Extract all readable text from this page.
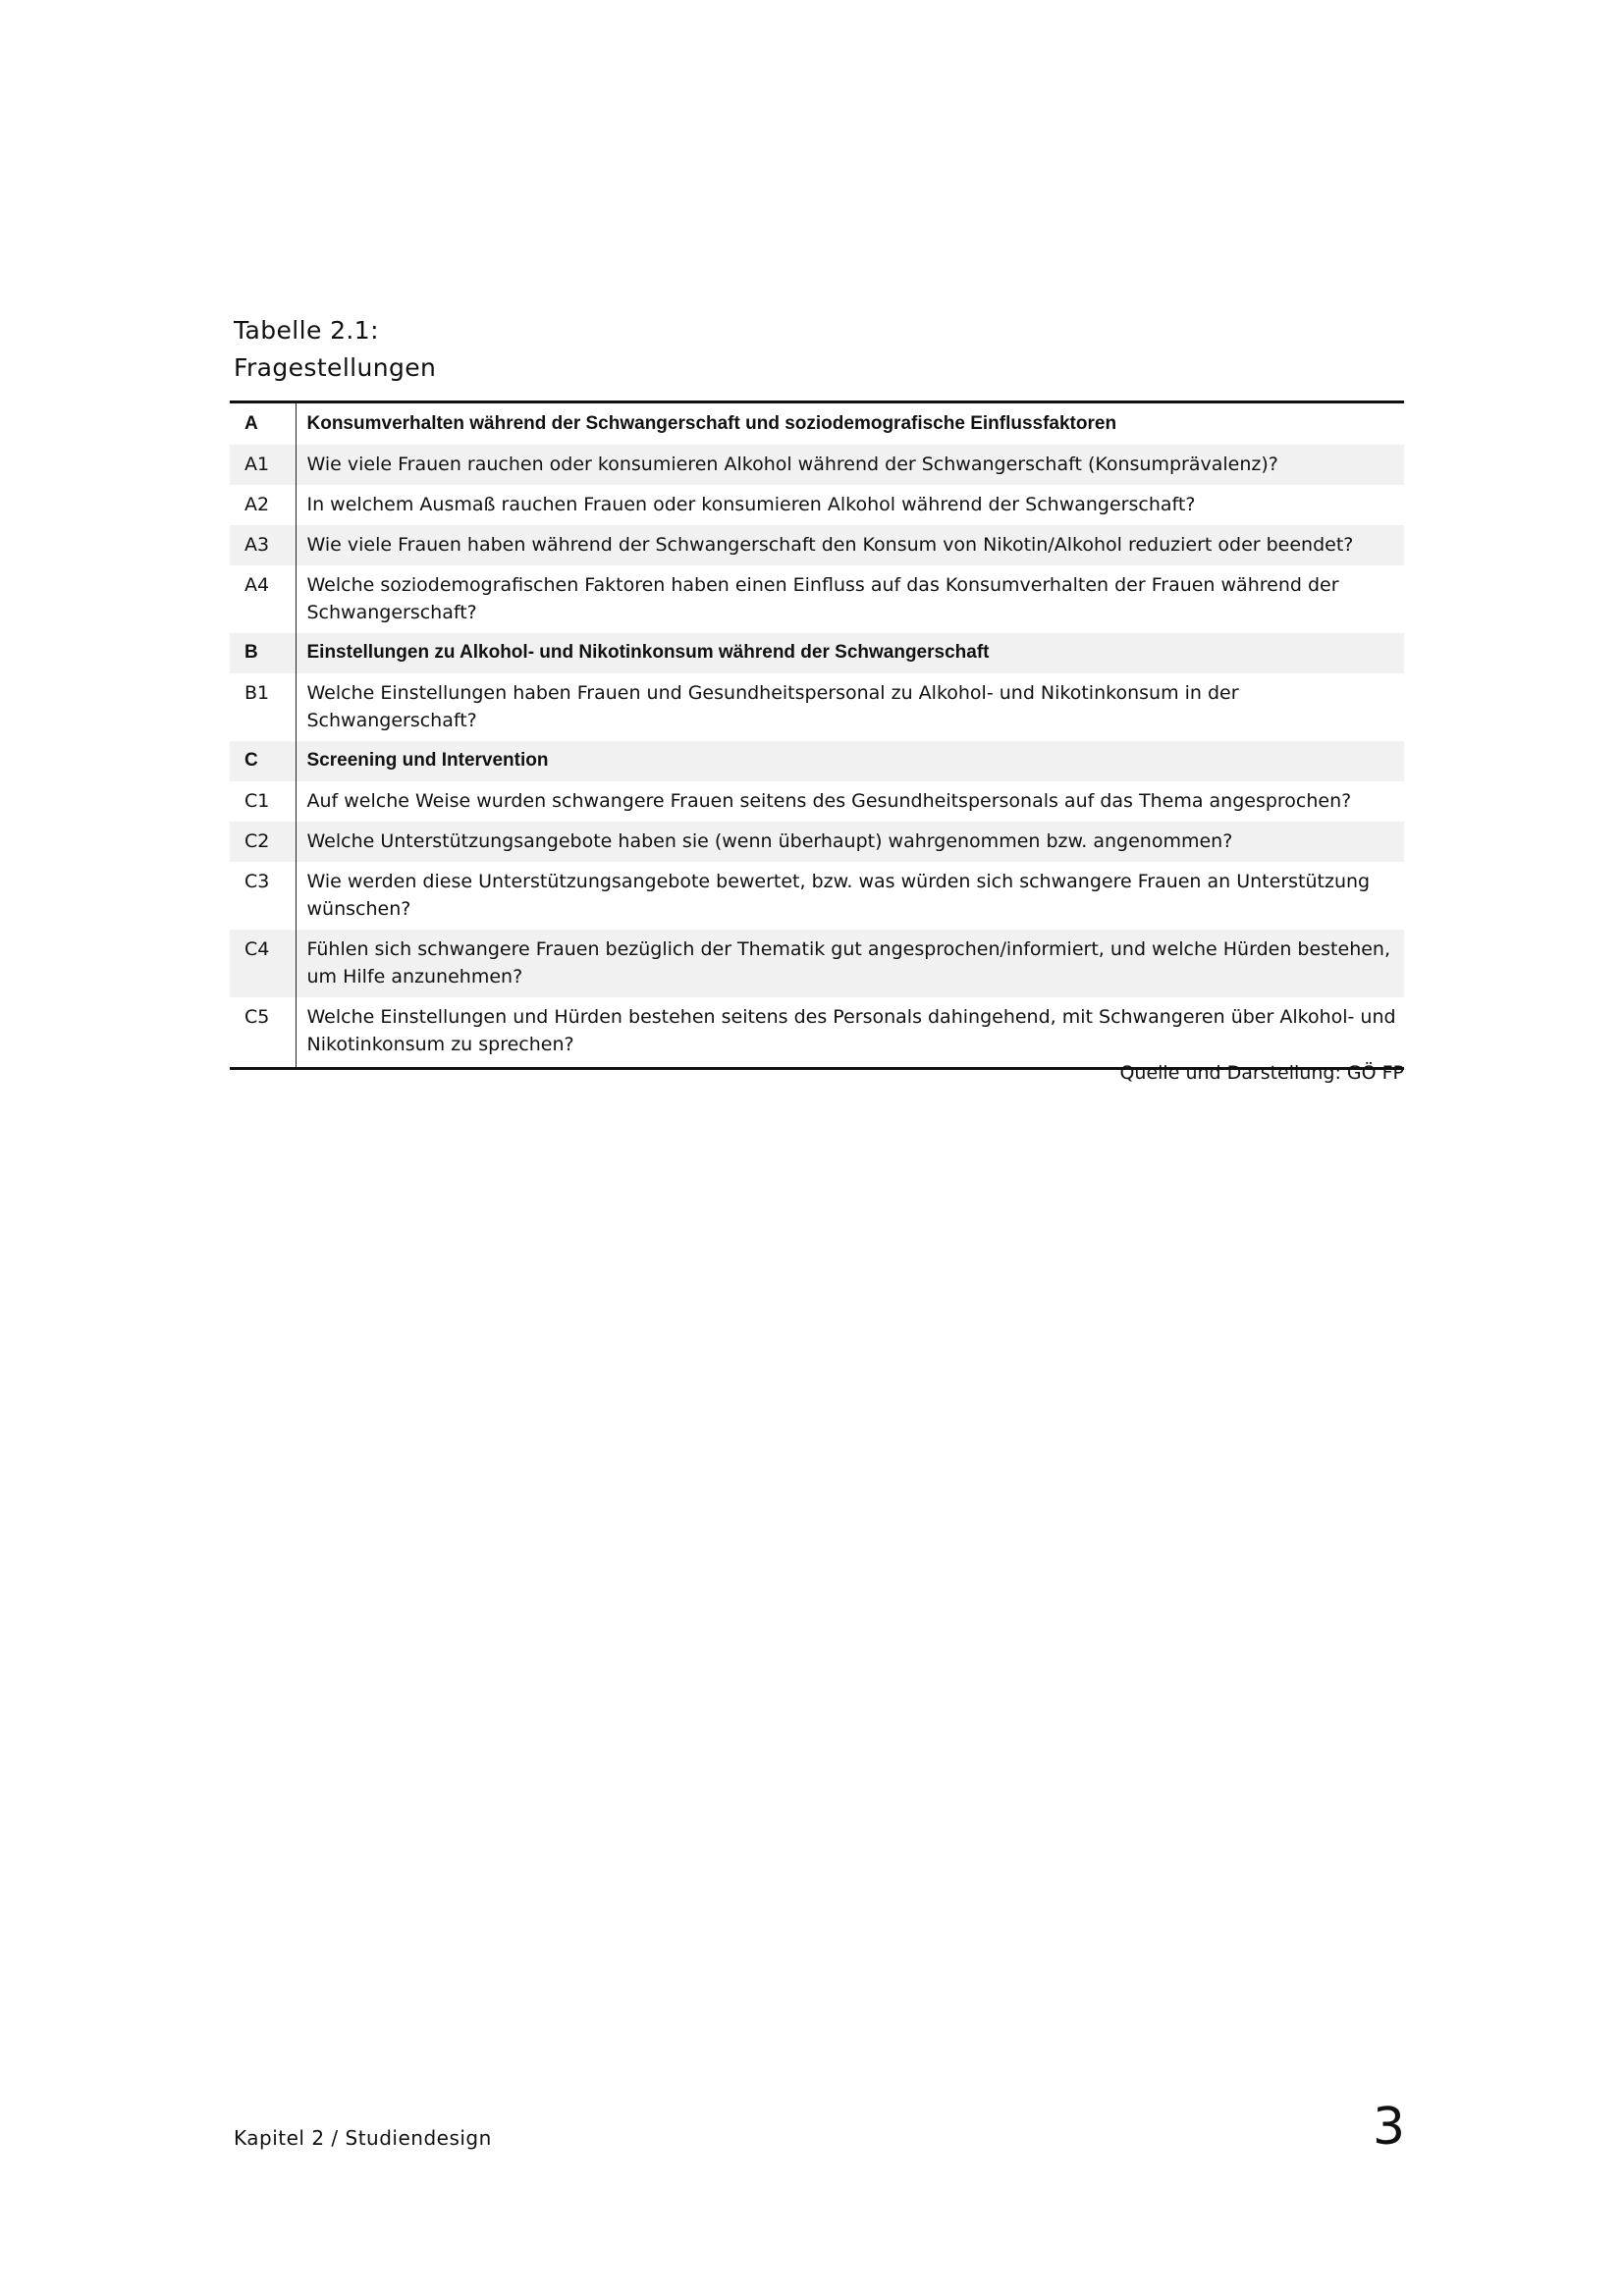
Tabelle 2.1:
Fragestellungen
A	Konsumverhalten während der Schwangerschaft und soziodemografische Einflussfaktoren
A1	Wie viele Frauen rauchen oder konsumieren Alkohol während der Schwangerschaft (Konsumprävalenz)?
A2	In welchem Ausmaß rauchen Frauen oder konsumieren Alkohol während der Schwangerschaft?
A3	Wie viele Frauen haben während der Schwangerschaft den Konsum von Nikotin/Alkohol reduziert oder beendet?
A4	Welche soziodemografischen Faktoren haben einen Einfluss auf das Konsumverhalten der Frauen während der Schwangerschaft?
B	Einstellungen zu Alkohol- und Nikotinkonsum während der Schwangerschaft
B1	Welche Einstellungen haben Frauen und Gesundheitspersonal zu Alkohol- und Nikotinkonsum in der Schwangerschaft?
C	Screening und Intervention
C1	Auf welche Weise wurden schwangere Frauen seitens des Gesundheitspersonals auf das Thema angesprochen?
C2	Welche Unterstützungsangebote haben sie (wenn überhaupt) wahrgenommen bzw. angenommen?
C3	Wie werden diese Unterstützungsangebote bewertet, bzw. was würden sich schwangere Frauen an Unterstützung wünschen?
C4	Fühlen sich schwangere Frauen bezüglich der Thematik gut angesprochen/informiert, und welche Hürden bestehen, um Hilfe anzunehmen?
C5	Welche Einstellungen und Hürden bestehen seitens des Personals dahingehend, mit Schwangeren über Alkohol- und Nikotinkonsum zu sprechen?
Quelle und Darstellung: GÖ FP
Kapitel 2 / Studiendesign	3
